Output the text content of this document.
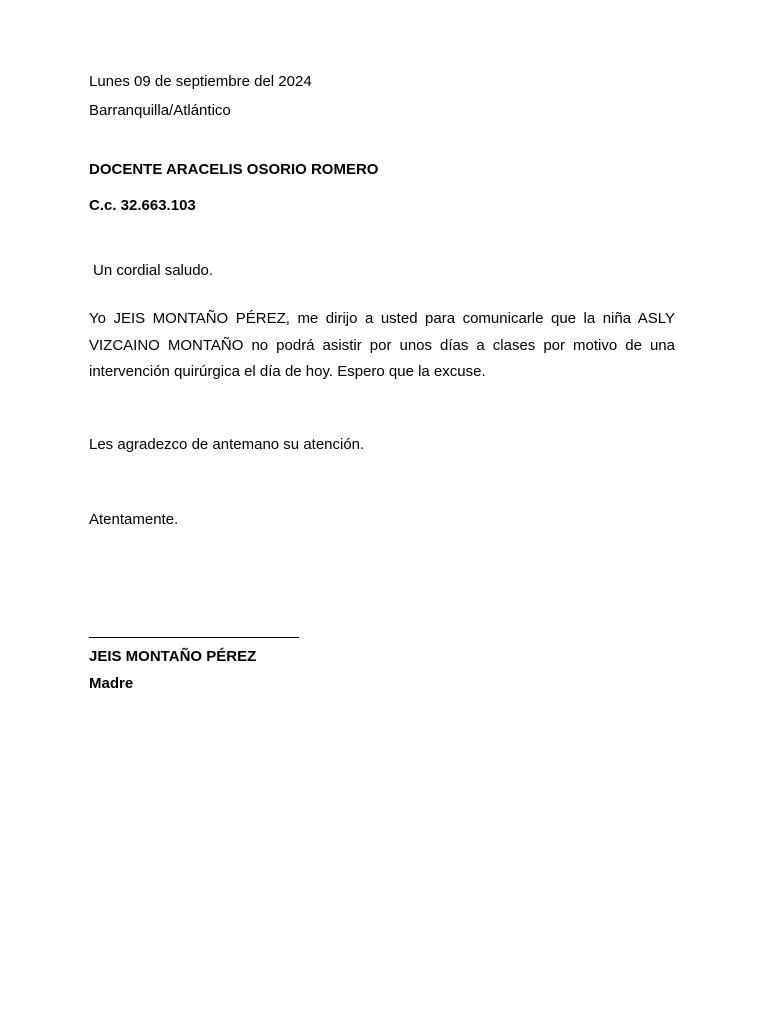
Lunes 09 de septiembre del 2024
Barranquilla/Atlántico
DOCENTE ARACELIS OSORIO ROMERO
C.c. 32.663.103
Un cordial saludo.
Yo JEIS MONTAÑO PÉREZ, me dirijo a usted para comunicarle que la niña ASLY VIZCAINO MONTAÑO no podrá asistir por unos días a clases por motivo de una intervención quirúrgica el día de hoy. Espero que la excuse.
Les agradezco de antemano su atención.
Atentamente.
JEIS MONTAÑO PÉREZ
Madre
